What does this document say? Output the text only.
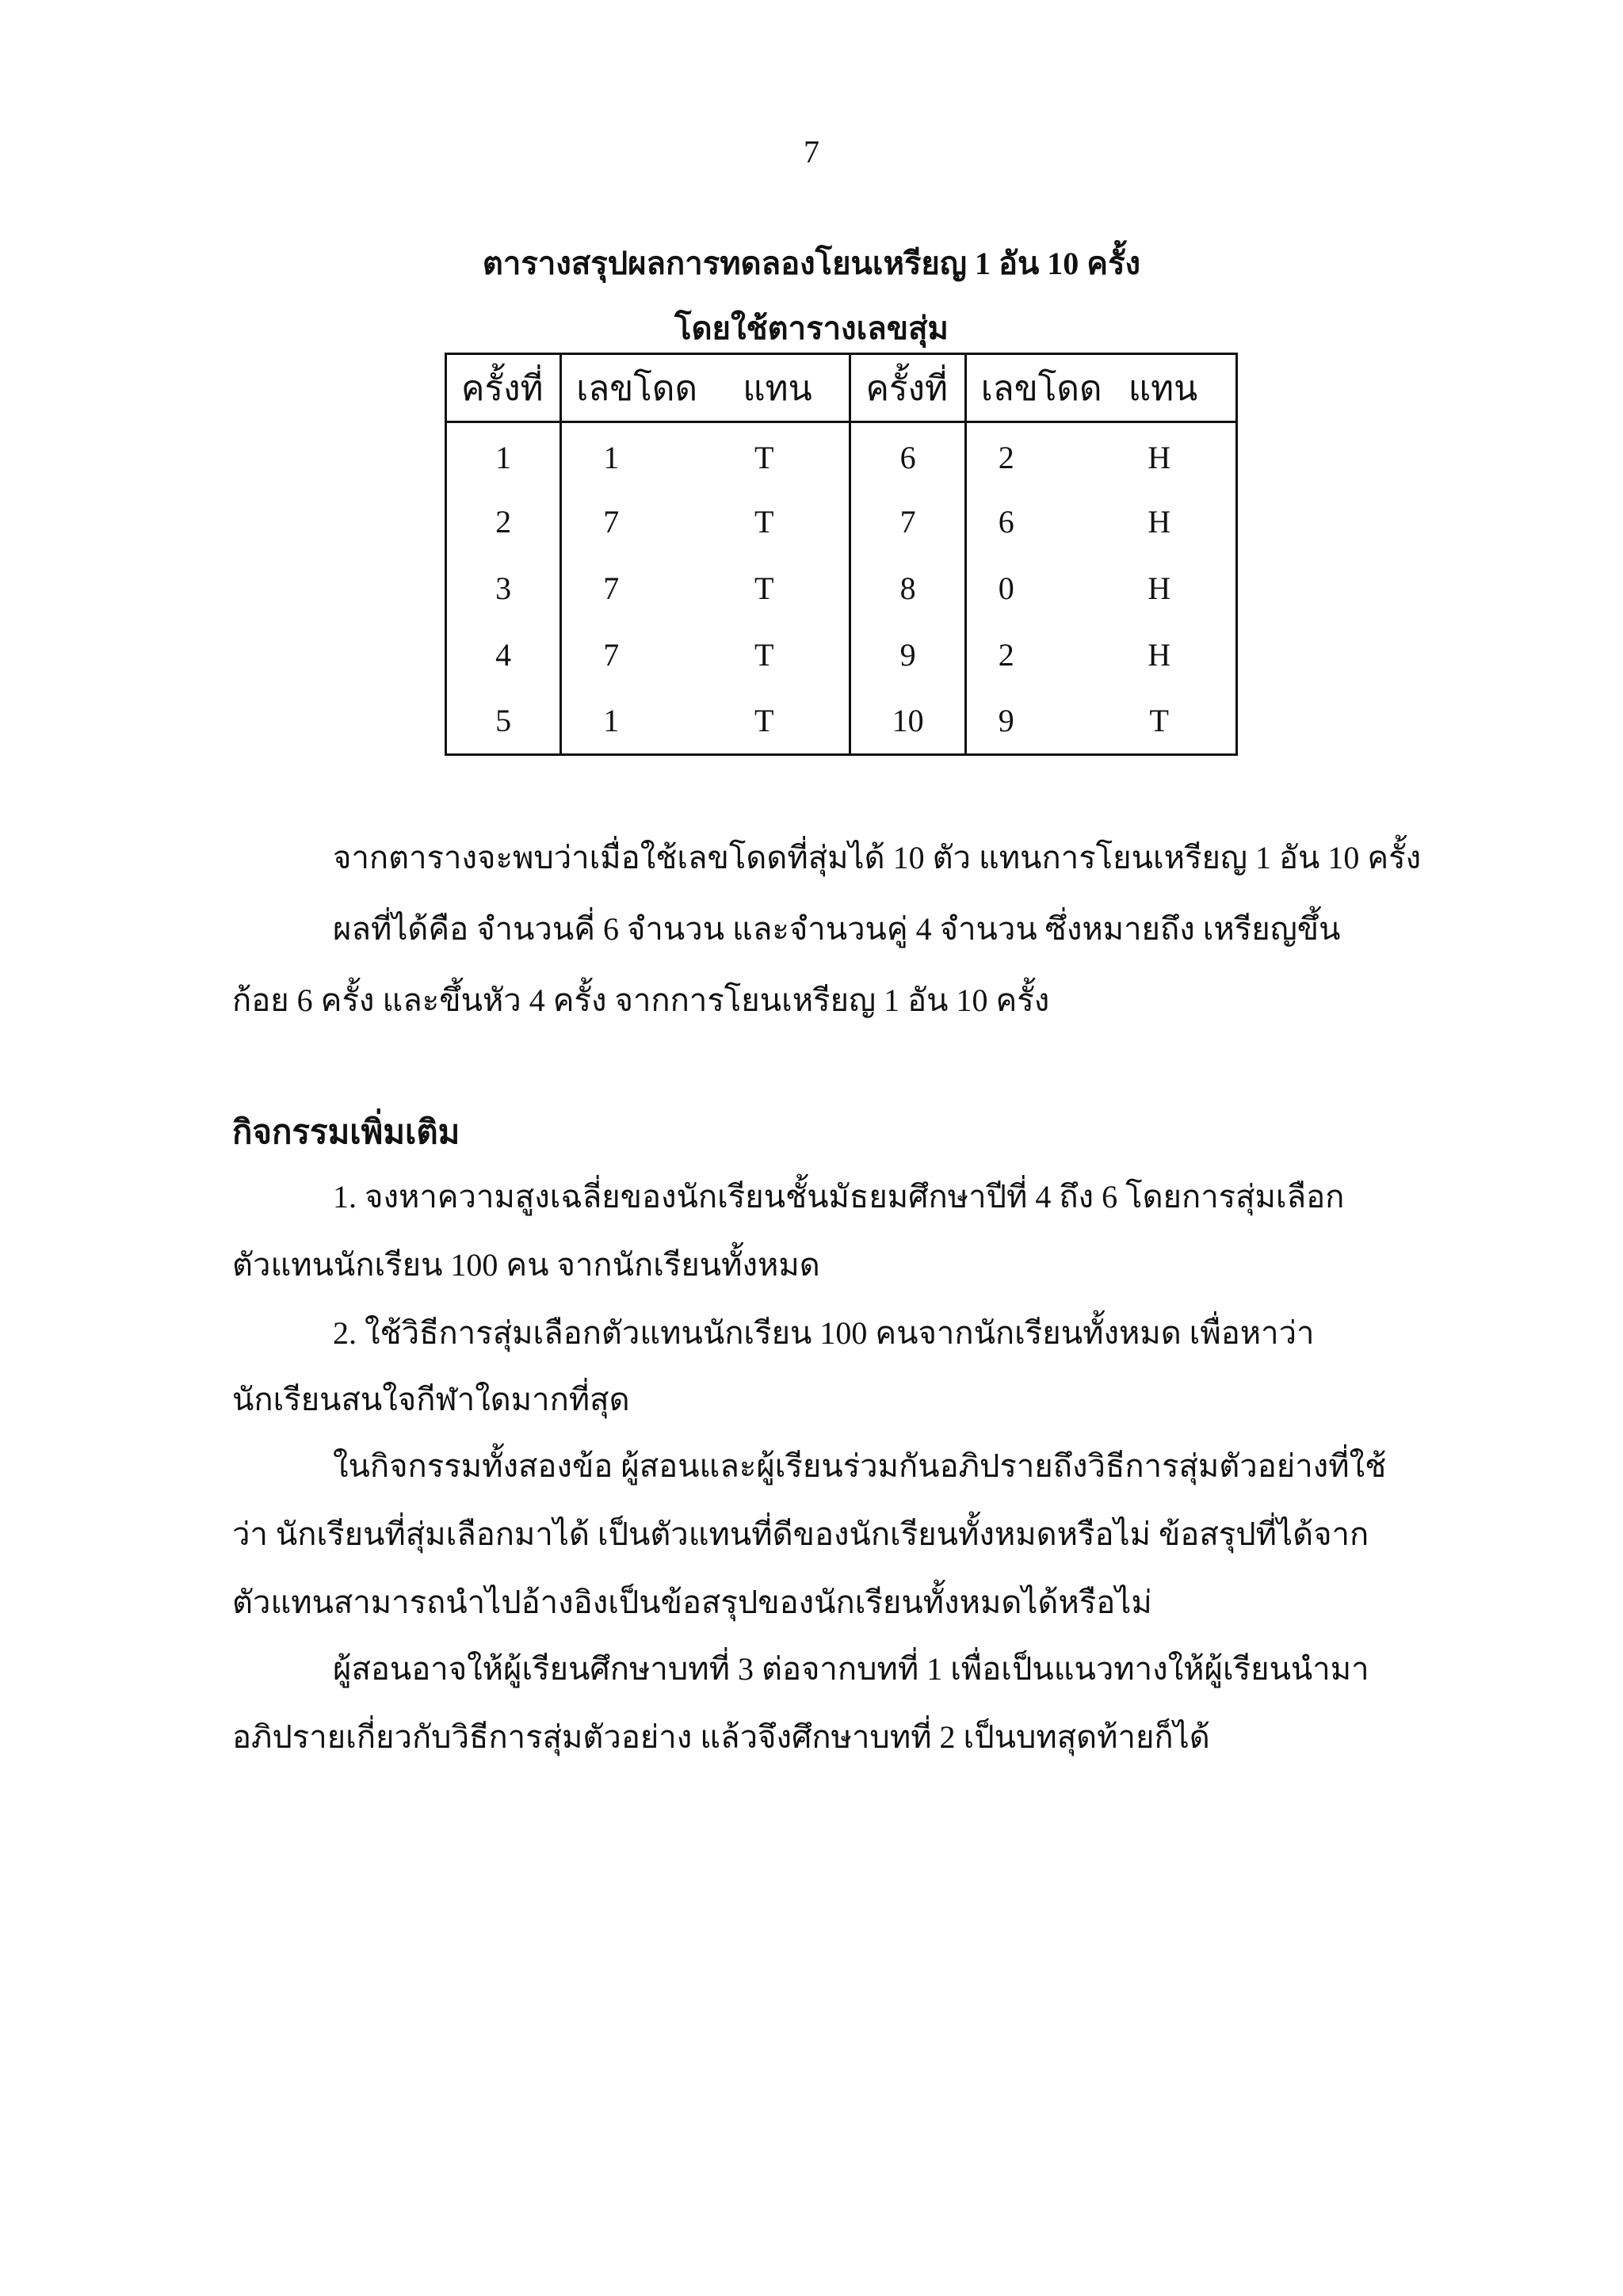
7
ตารางสรุปผลการทดลองโยนเหรียญ 1 อัน 10 ครั้ง
โดยใช้ตารางเลขสุ่ม
ครั้งที่	เลขโดด แทน	ครั้งที่	เลขโดด แทน

1	1 T	6	2 H

2	7 T	7	6 H

3	7 T	8	0 H

4	7 T	9	2 H

5	1 T	10	9 T
จากตารางจะพบว่าเมื่อใช้เลขโดดที่สุ่มได้ 10 ตัว แทนการโยนเหรียญ 1 อัน 10 ครั้ง
ผลที่ได้คือ จำนวนคี่ 6 จำนวน และจำนวนคู่ 4 จำนวน ซึ่งหมายถึง เหรียญขึ้น
ก้อย 6 ครั้ง และขึ้นหัว 4 ครั้ง จากการโยนเหรียญ 1 อัน 10 ครั้ง
กิจกรรมเพิ่มเติม
1. จงหาความสูงเฉลี่ยของนักเรียนชั้นมัธยมศึกษาปีที่ 4 ถึง 6 โดยการสุ่มเลือก
ตัวแทนนักเรียน 100 คน จากนักเรียนทั้งหมด
2. ใช้วิธีการสุ่มเลือกตัวแทนนักเรียน 100 คนจากนักเรียนทั้งหมด เพื่อหาว่า
นักเรียนสนใจกีฬาใดมากที่สุด
ในกิจกรรมทั้งสองข้อ ผู้สอนและผู้เรียนร่วมกันอภิปรายถึงวิธีการสุ่มตัวอย่างที่ใช้
ว่า นักเรียนที่สุ่มเลือกมาได้ เป็นตัวแทนที่ดีของนักเรียนทั้งหมดหรือไม่ ข้อสรุปที่ได้จาก
ตัวแทนสามารถนำไปอ้างอิงเป็นข้อสรุปของนักเรียนทั้งหมดได้หรือไม่
ผู้สอนอาจให้ผู้เรียนศึกษาบทที่ 3 ต่อจากบทที่ 1 เพื่อเป็นแนวทางให้ผู้เรียนนำมา
อภิปรายเกี่ยวกับวิธีการสุ่มตัวอย่าง แล้วจึงศึกษาบทที่ 2 เป็นบทสุดท้ายก็ได้
